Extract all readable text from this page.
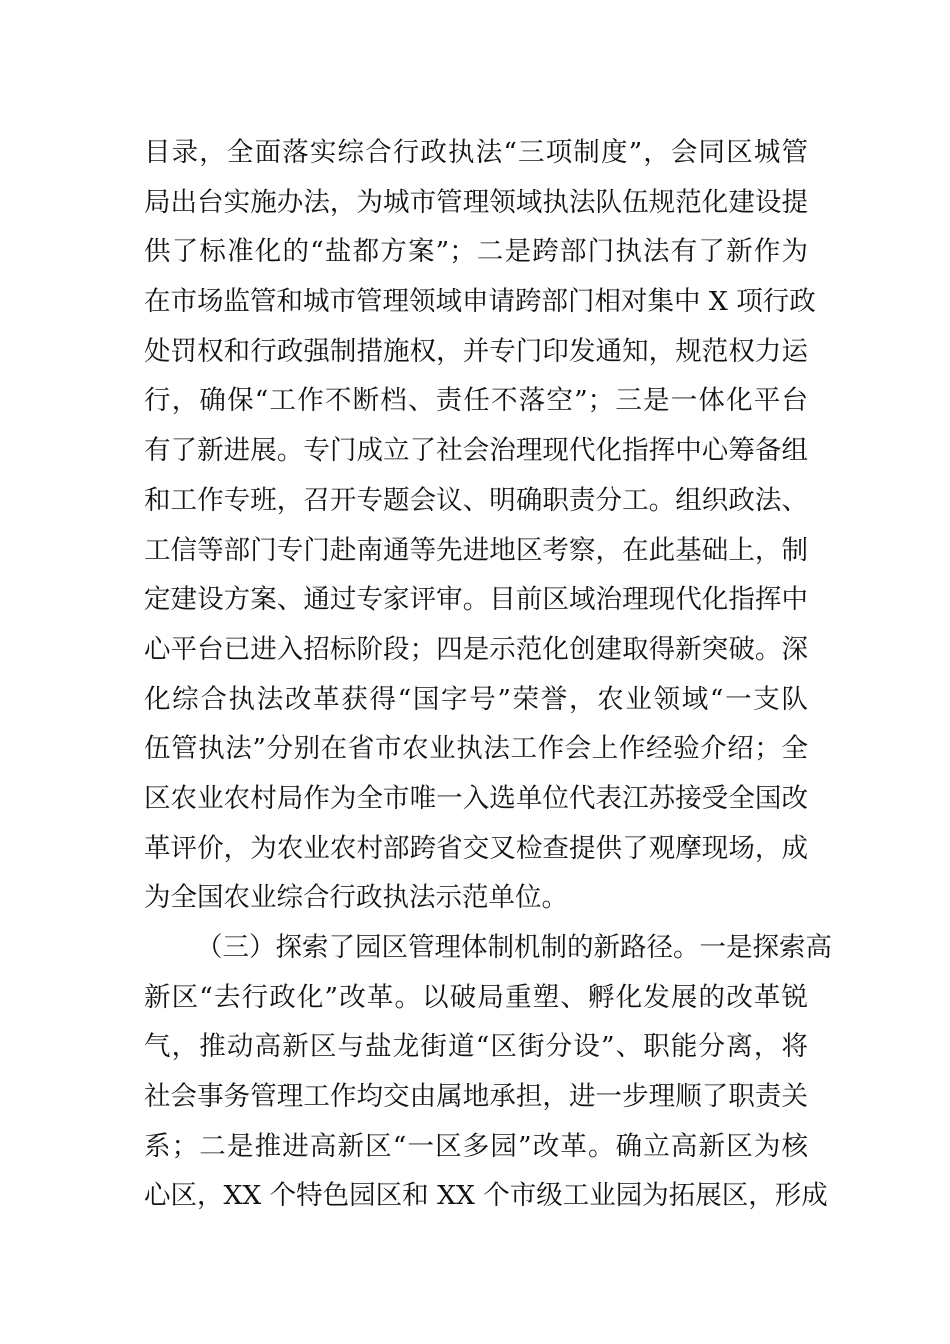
目录，全面落实综合行政执法“三项制度”，会同区城管
局出台实施办法，为城市管理领域执法队伍规范化建设提
供了标准化的“盐都方案”；二是跨部门执法有了新作为
在市场监管和城市管理领域申请跨部门相对集中 X 项行政
处罚权和行政强制措施权，并专门印发通知，规范权力运
行，确保“工作不断档、责任不落空”；三是一体化平台
有了新进展。专门成立了社会治理现代化指挥中心筹备组
和工作专班，召开专题会议、明确职责分工。组织政法、
工信等部门专门赴南通等先进地区考察，在此基础上，制
定建设方案、通过专家评审。目前区域治理现代化指挥中
心平台已进入招标阶段；四是示范化创建取得新突破。深
化综合执法改革获得“国字号”荣誉，农业领域“一支队
伍管执法”分别在省市农业执法工作会上作经验介绍；全
区农业农村局作为全市唯一入选单位代表江苏接受全国改
革评价，为农业农村部跨省交叉检查提供了观摩现场，成
为全国农业综合行政执法示范单位。
（三）探索了园区管理体制机制的新路径。一是探索高
新区“去行政化”改革。以破局重塑、孵化发展的改革锐
气，推动高新区与盐龙街道“区街分设”、职能分离，将
社会事务管理工作均交由属地承担，进一步理顺了职责关
系；二是推进高新区“一区多园”改革。确立高新区为核
心区，XX 个特色园区和 XX 个市级工业园为拓展区，形成
